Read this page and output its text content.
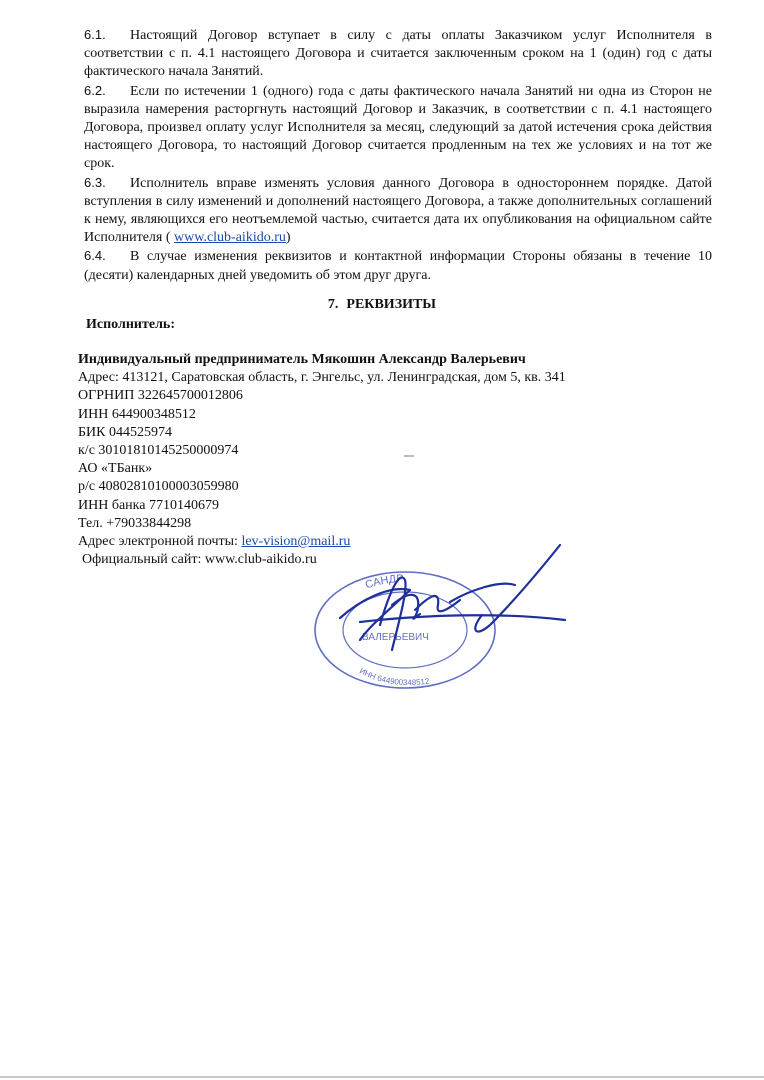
6.1. Настоящий Договор вступает в силу с даты оплаты Заказчиком услуг Исполнителя в соответствии с п. 4.1 настоящего Договора и считается заключенным сроком на 1 (один) год с даты фактического начала Занятий.

6.2. Если по истечении 1 (одного) года с даты фактического начала Занятий ни одна из Сторон не выразила намерения расторгнуть настоящий Договор и Заказчик, в соответствии с п. 4.1 настоящего Договора, произвел оплату услуг Исполнителя за месяц, следующий за датой истечения срока действия настоящего Договора, то настоящий Договор считается продленным на тех же условиях и на тот же срок.

6.3. Исполнитель вправе изменять условия данного Договора в одностороннем порядке. Датой вступления в силу изменений и дополнений настоящего Договора, а также дополнительных соглашений к нему, являющихся его неотъемлемой частью, считается дата их опубликования на официальном сайте Исполнителя ( www.club-aikido.ru)

6.4. В случае изменения реквизитов и контактной информации Стороны обязаны в течение 10 (десяти) календарных дней уведомить об этом друг друга.

7. РЕКВИЗИТЫ

Исполнитель:

Индивидуальный предприниматель Мякошин Александр Валерьевич
Адрес: 413121, Саратовская область, г. Энгельс, ул. Ленинградская, дом 5, кв. 341
ОГРНИП 322645700012806
ИНН 644900348512
БИК 044525974
к/с 30101810145250000974
АО «ТБанк»
р/с 40802810100003059980
ИНН банка 7710140679
Тел. +79033844298
Адрес электронной почты: lev-vision@mail.ru
Официальный сайт: www.club-aikido.ru
САНДР
ВАЛЕРЬЕВИЧ
ИНН 644900348512
